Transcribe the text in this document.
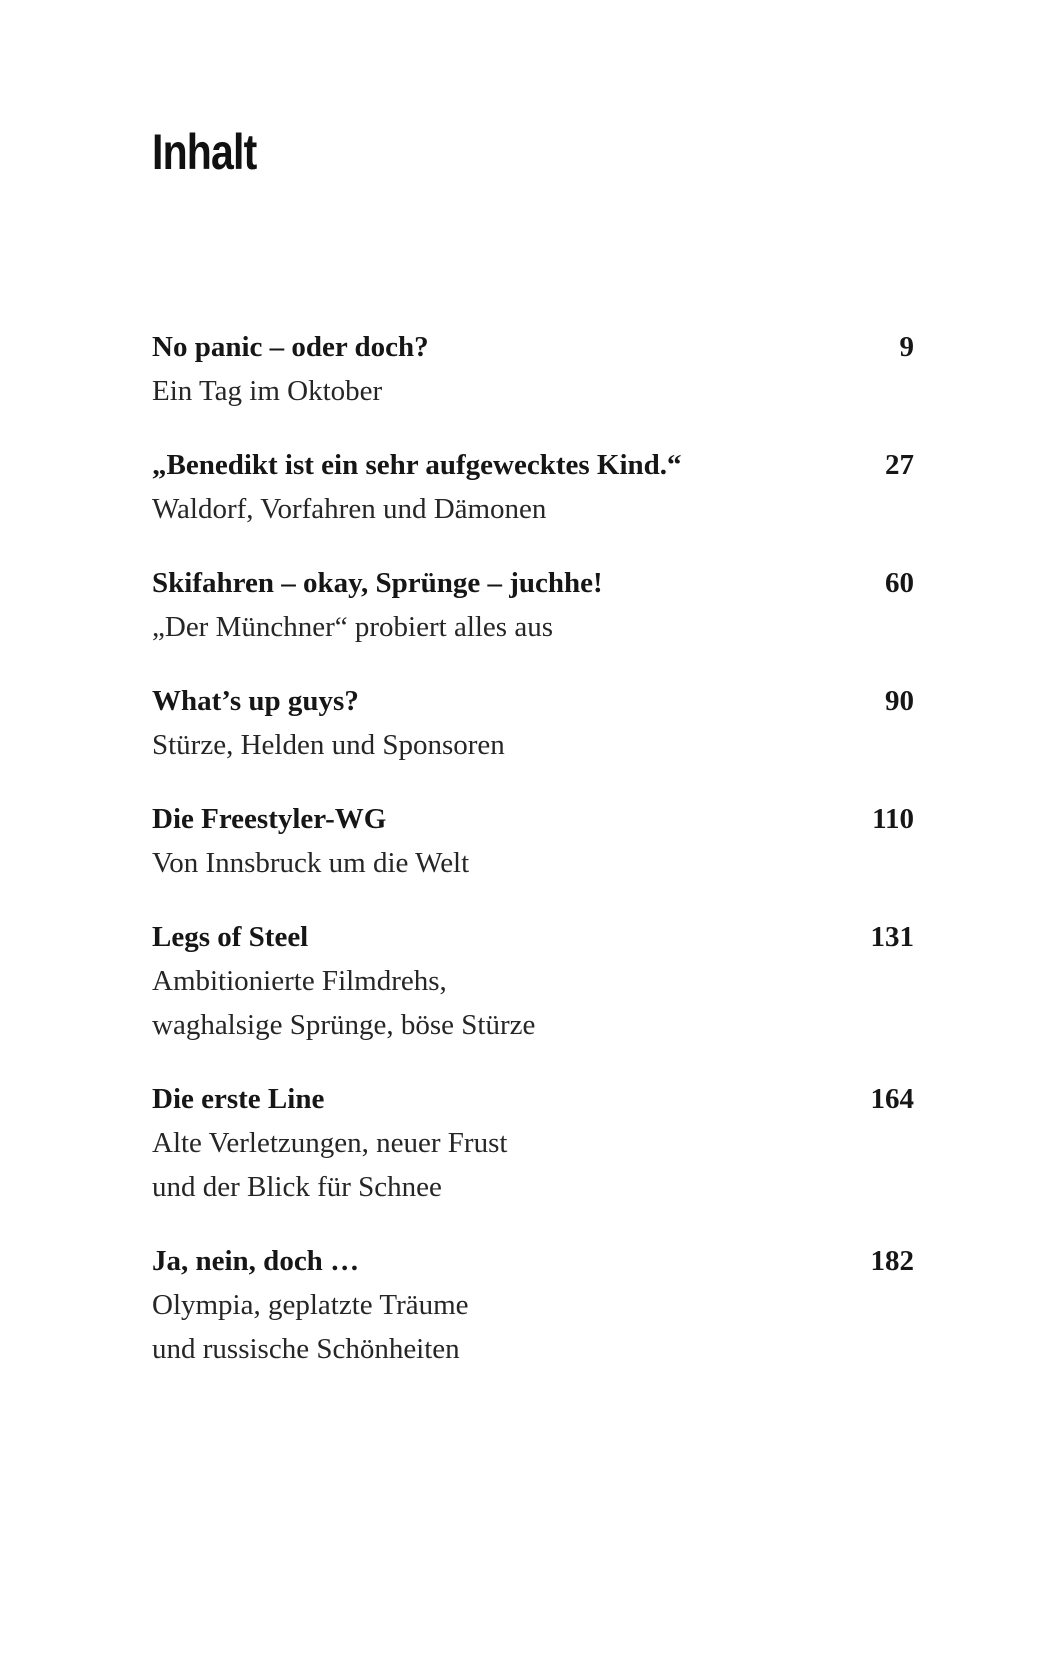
Inhalt
No panic – oder doch?	9
Ein Tag im Oktober
„Benedikt ist ein sehr aufgewecktes Kind.“	27
Waldorf, Vorfahren und Dämonen
Skifahren – okay, Sprünge – juchhe!	60
„Der Münchner“ probiert alles aus
What’s up guys?	90
Stürze, Helden und Sponsoren
Die Freestyler-WG	110
Von Innsbruck um die Welt
Legs of Steel	131
Ambitionierte Filmdrehs,
waghalsige Sprünge, böse Stürze
Die erste Line	164
Alte Verletzungen, neuer Frust
und der Blick für Schnee
Ja, nein, doch …	182
Olympia, geplatzte Träume
und russische Schönheiten
